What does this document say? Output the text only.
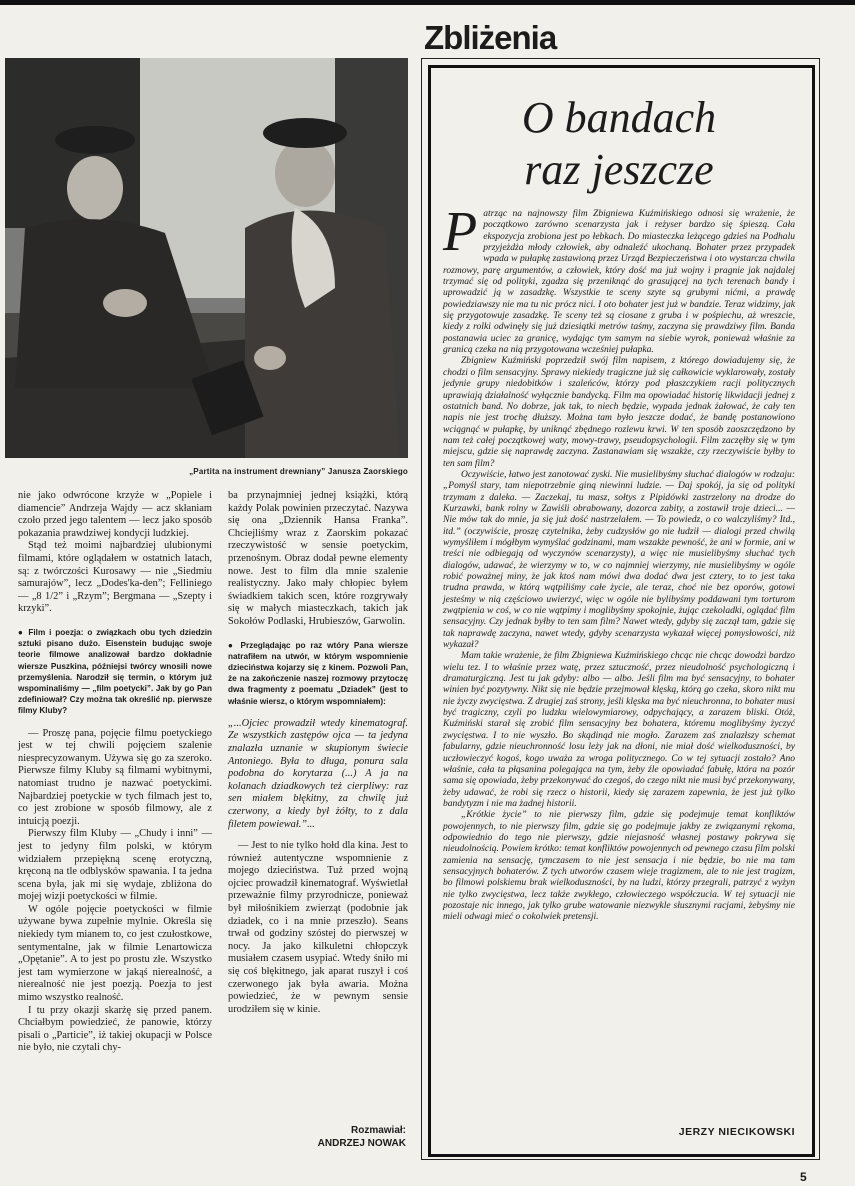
Zbliżenia
„Partita na instrument drewniany” Janusza Zaorskiego

nie jako odwrócone krzyże w „Popiele i diamencie” Andrzeja Wajdy — acz skłaniam czoło przed jego talentem — lecz jako sposób pokazania prawdziwej kondycji ludzkiej.

Stąd też moimi najbardziej ulubionymi filmami, które oglądałem w ostatnich latach, są: z twórczości Kurosawy — nie „Siedmiu samurajów”, lecz „Dodes'ka-den”; Felliniego — „8 1/2” i „Rzym”; Bergmana — „Szepty i krzyki”.

● Film i poezja: o związkach obu tych dziedzin sztuki pisano dużo. Eisenstein budując swoje teorie filmowe analizował bardzo dokładnie wiersze Puszkina, późniejsi twórcy wnosili nowe przemyślenia. Narodził się termin, o którym już wspominaliśmy — „film poetycki”. Jak by go Pan zdefiniował? Czy można tak określić np. pierwsze filmy Kluby?

— Proszę pana, pojęcie filmu poetyckiego jest w tej chwili pojęciem szalenie niesprecyzowanym. Używa się go za szeroko. Pierwsze filmy Kluby są filmami wybitnymi, natomiast trudno je nazwać poetyckimi. Najbardziej poetyckie w tych filmach jest to, co jest zrobione w sposób filmowy, ale z intuicją poezji.

Pierwszy film Kluby — „Chudy i inni” — jest to jedyny film polski, w którym widziałem przepiękną scenę erotyczną, kręconą na tle odblysków spawania. I ta jedna scena była, jak mi się wydaje, zbliżona do mojej wizji poetyckości w filmie.

W ogóle pojęcie poetyckości w filmie używane bywa zupełnie mylnie. Określa się niekiedy tym mianem to, co jest czułostkowe, sentymentalne, jak w filmie Lenartowicza „Opętanie”. A to jest po prostu złe. Wszystko jest tam wymierzone w jakąś nierealność, a nierealność nie jest poezją. Poezja to jest mimo wszystko realność.

I tu przy okazji skarżę się przed panem. Chciałbym powiedzieć, że panowie, którzy pisali o „Particie”, iż takiej okupacji w Polsce nie było, nie czytali chy-

ba przynajmniej jednej książki, którą każdy Polak powinien przeczytać. Nazywa się ona „Dziennik Hansa Franka”. Chciejliśmy wraz z Zaorskim pokazać rzeczywistość w sensie poetyckim, przenośnym. Obraz dodał pewne elementy nowe. Jest to film dla mnie szalenie realistyczny. Jako mały chłopiec byłem świadkiem takich scen, które rozgrywały się w małych miasteczkach, takich jak Sokołów Podlaski, Hrubieszów, Garwolin.

● Przeglądając po raz wtóry Pana wiersze natrafiłem na utwór, w którym wspomnienie dzieciństwa kojarzy się z kinem. Pozwoli Pan, że na zakończenie naszej rozmowy przytoczę dwa fragmenty z poematu „Dziadek” (jest to właśnie wiersz, o którym wspomniałem):

„...Ojciec prowadził wtedy kinematograf. Ze wszystkich zastępów ojca — ta jedyna znalazła uznanie w skupionym świecie Antoniego. Była to długa, ponura sala podobna do korytarza (...) A ja na kolanach dziadkowych też cierpliwy: raz sen miałem błękitny, za chwilę już czerwony, a kiedy był żółty, to z dala filetem powiewał.”...

— Jest to nie tylko hołd dla kina. Jest to również autentyczne wspomnienie z mojego dzieciństwa. Tuż przed wojną ojciec prowadził kinematograf. Wyświetlał przeważnie filmy przyrodnicze, ponieważ był miłośnikiem zwierząt (podobnie jak dziadek, co i na mnie przeszło). Seans trwał od godziny szóstej do pierwszej w nocy. Ja jako kilkuletni chłopczyk musiałem czasem usypiać. Wtedy śniło mi się coś błękitnego, jak aparat ruszył i coś czerwonego jak była awaria. Można powiedzieć, że w pewnym sensie urodziłem się w kinie.

Rozmawiał:
ANDRZEJ NOWAK
O bandach
raz jeszcze

Patrząc na najnowszy film Zbigniewa Kuźmińskiego odnosi się wrażenie, że początkowo zarówno scenarzysta jak i reżyser bardzo się śpieszą. Cała ekspozycja zrobiona jest po łebkach. Do miasteczka leżącego gdzieś na Podhalu przyjeżdża młody człowiek, aby odnaleźć ukochaną. Bohater przez przypadek wpada w pułapkę zastawioną przez Urząd Bezpieczeństwa i oto wystarcza chwila rozmowy, parę argumentów, a człowiek, który dość ma już wojny i pragnie jak najdalej trzymać się od polityki, zgadza się przeniknąć do grasującej na tych terenach bandy i uprowadzić ją w zasadzkę. Wszystkie te sceny szyte są grubymi nićmi, a prawdę powiedziawszy nie ma tu nic prócz nici. I oto bohater jest już w bandzie. Teraz widzimy, jak się przygotowuje zasadzkę. Te sceny też są ciosane z gruba i w pośpiechu, aż wreszcie, kiedy z rolki odwinęły się już dziesiątki metrów taśmy, zaczyna się prawdziwy film. Banda postanawia uciec za granicę, wydając tym samym na siebie wyrok, ponieważ właśnie za granicą czeka na nią przygotowana wcześniej pułapka.

Zbigniew Kuźmiński poprzedził swój film napisem, z którego dowiadujemy się, że chodzi o film sensacyjny. Sprawy niekiedy tragiczne już się całkowicie wyklarowały, zostały jedynie grupy niedobitków i szaleńców, którzy pod płaszczykiem racji politycznych uprawiają działalność wyłącznie bandycką. Film ma opowiadać historię likwidacji jednej z ostatnich band. No dobrze, jak tak, to niech będzie, wypada jednak żałować, że cały ten napis nie jest trochę dłuższy. Można tam było jeszcze dodać, że bandę postanowiono wciągnąć w pułapkę, by uniknąć zbędnego rozlewu krwi. W ten sposób zaoszczędzono by nam też całej początkowej waty, mowy-trawy, pseudopsychologii. Film zaczęłby się w tym miejscu, gdzie się naprawdę zaczyna. Zastanawiam się wszakże, czy rzeczywiście byłby to ten sam film?

Oczywiście, łatwo jest zanotować zyski. Nie musielibyśmy słuchać dialogów w rodzaju: „Pomyśl stary, tam niepotrzebnie giną niewinni ludzie. — Daj spokój, ja się od polityki trzymam z daleka. — Zaczekaj, tu masz, sołtys z Pipidówki zastrzelony na drodze do Kurzawki, bank rolny w Zawiśli obrabowany, dozorca zabity, a zostawił troje dzieci... — Nie mów tak do mnie, ja się już dość nastrzelałem. — To powiedz, o co walczyliśmy? Itd., itd.” (oczywiście, proszę czytelnika, żeby cudzysłów go nie łudził — dialogi przed chwilą wymyśliłem i mógłbym wymyślać godzinami, mam wszakże pewność, że ani w formie, ani w treści nie odbiegają od wyczynów scenarzysty), a więc nie musielibyśmy słuchać tych dialogów, udawać, że wierzymy w to, w co najmniej wierzymy, nie musielibyśmy w ogóle robić poważnej miny, że jak ktoś nam mówi dwa dodać dwa jest cztery, to to jest taka trudna prawda, w którą wątpiliśmy całe życie, ale teraz, choć nie bez oporów, gotowi jesteśmy w nią częściowo uwierzyć, więc w ogóle nie bylibyśmy poddawani tym torturom zwątpienia w coś, w co nie wątpimy i moglibyśmy spokojnie, żując czekoladki, oglądać film sensacyjny. Czy jednak byłby to ten sam film? Nawet wtedy, gdyby się zaczął tam, gdzie się tak naprawdę zaczyna, nawet wtedy, gdyby scenarzysta wykazał więcej pomysłowości, niż wykazał?

Mam takie wrażenie, że film Zbigniewa Kuźmińskiego chcąc nie chcąc dowodzi bardzo wielu tez. I to właśnie przez watę, przez sztuczność, przez nieudolność psychologiczną i dramaturgiczną. Jest tu jak gdyby: albo — albo. Jeśli film ma być sensacyjny, to bohater winien być pozytywny. Nikt się nie będzie przejmował klęską, którą go czeka, skoro nikt mu nie życzy zwycięstwa. Z drugiej zaś strony, jeśli klęska ma być nieuchronna, to bohater musi być tragiczny, czyli po ludzku wielowymiarowy, odpychający, a zarazem bliski. Otóż, Kuźmiński starał się zrobić film sensacyjny bez bohatera, któremu moglibyśmy życzyć zwycięstwa. I to nie wyszło. Bo skądinąd nie mogło. Zarazem zaś znalazłszy schemat fabularny, gdzie nieuchronność losu leży jak na dłoni, nie miał dość wielkoduszności, by uczłowieczyć kogoś, kogo uważa za wroga politycznego. Co w tej sytuacji zostało? Ano właśnie, cała ta płąsanina polegająca na tym, żeby źle opowiadać fabułę, która na pozór sama się opowiada, żeby przekonywać do czegoś, do czego nikt nie musi być przekonywany, żeby udawać, że robi się rzecz o historii, kiedy się zarazem zapewnia, że jest już tylko bandytyzm i nie ma żadnej historii.

„Krótkie życie” to nie pierwszy film, gdzie się podejmuje temat konfliktów powojennych, to nie pierwszy film, gdzie się go podejmuje jakby ze związanymi rękoma, odpowiednio do tego nie pierwszy, gdzie niejasność własnej postawy pokrywa się nieudolnością. Powiem krótko: temat konfliktów powojennych od pewnego czasu film polski zamienia na sensację, tymczasem to nie jest sensacja i nie będzie, bo nie ma tam sensacyjnych bohaterów. Z tych utworów czasem wieje tragizmem, ale to nie jest tragizm, bo filmowi polskiemu brak wielkoduszności, by na ludzi, którzy przegrali, patrzyć z wyżyn nie tylko zwycięstwa, lecz także zwykłego, człowieczego współczucia. W tej sytuacji nie pozostaje nic innego, jak tylko grube watowanie niezwykle słusznymi racjami, żebyśmy nie mieli odwagi mieć o cokolwiek pretensji.

JERZY NIECIKOWSKI
5
